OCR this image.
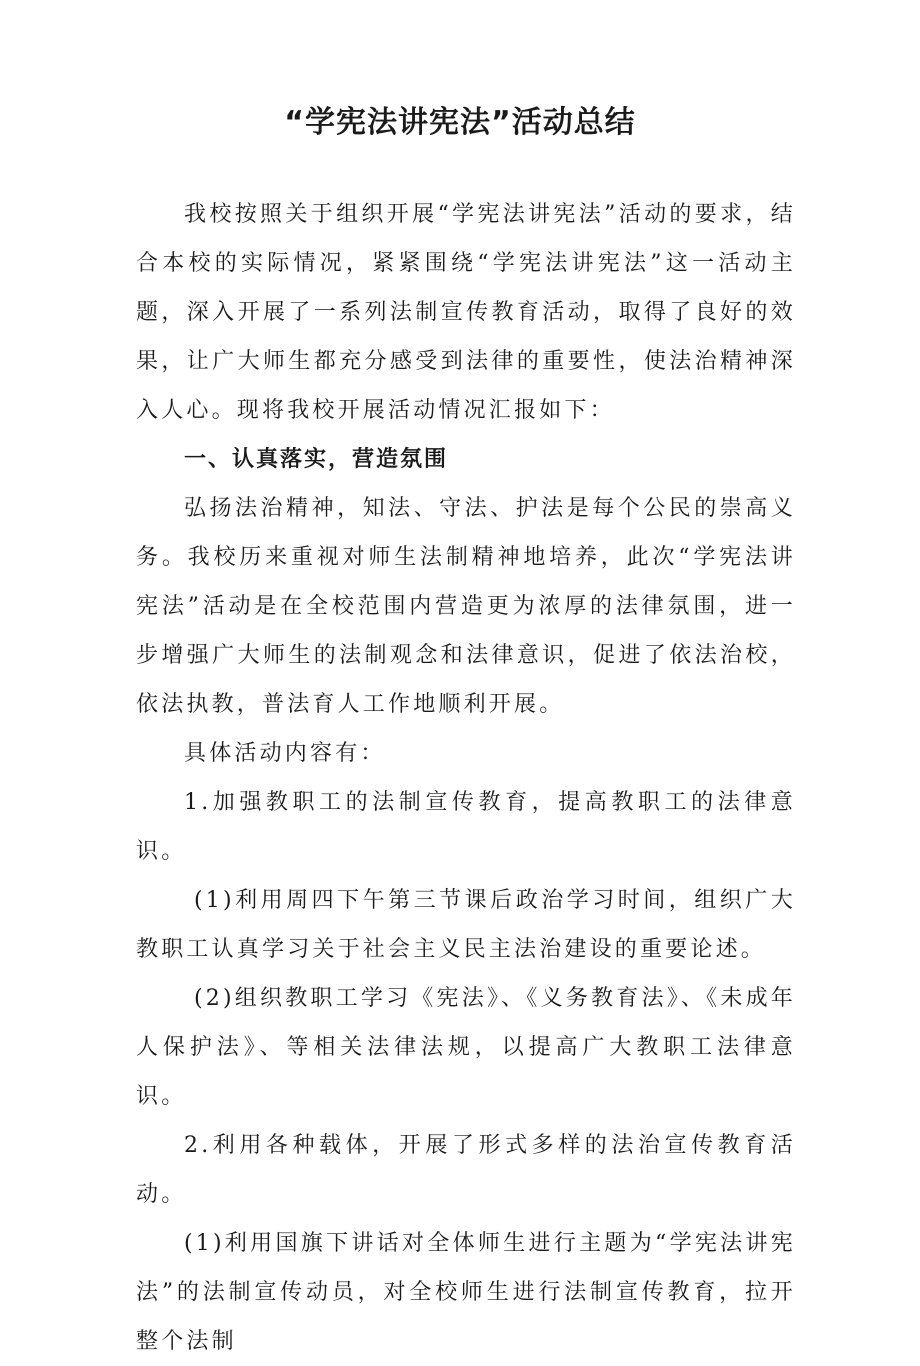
“学宪法讲宪法”活动总结

我校按照关于组织开展“学宪法讲宪法”活动的要求，结合本校的实际情况，紧紧围绕“学宪法讲宪法”这一活动主题，深入开展了一系列法制宣传教育活动，取得了良好的效果，让广大师生都充分感受到法律的重要性，使法治精神深入人心。现将我校开展活动情况汇报如下：

一、认真落实，营造氛围

弘扬法治精神，知法、守法、护法是每个公民的崇高义务。我校历来重视对师生法制精神地培养，此次“学宪法讲宪法”活动是在全校范围内营造更为浓厚的法律氛围，进一步增强广大师生的法制观念和法律意识，促进了依法治校，依法执教，普法育人工作地顺利开展。

具体活动内容有：

1.加强教职工的法制宣传教育，提高教职工的法律意识。

(1)利用周四下午第三节课后政治学习时间，组织广大教职工认真学习关于社会主义民主法治建设的重要论述。

(2)组织教职工学习《宪法》、《义务教育法》、《未成年人保护法》、等相关法律法规，以提高广大教职工法律意识。

2.利用各种载体，开展了形式多样的法治宣传教育活动。

(1)利用国旗下讲话对全体师生进行主题为“学宪法讲宪法”的法制宣传动员，对全校师生进行法制宣传教育，拉开整个法制
